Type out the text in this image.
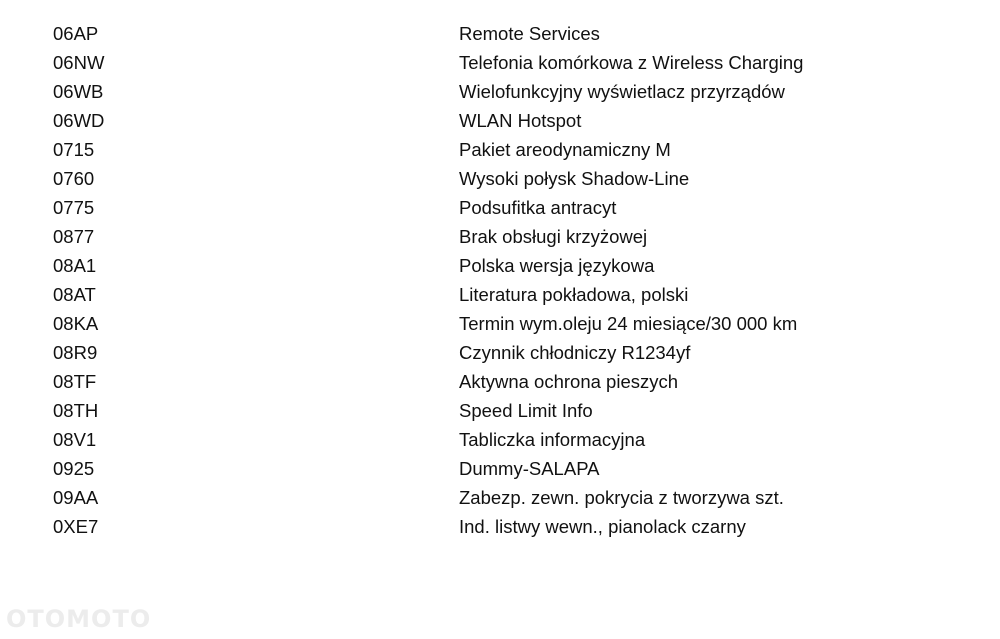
06AP	Remote Services
06NW	Telefonia komórkowa z Wireless Charging
06WB	Wielofunkcyjny wyświetlacz przyrządów
06WD	WLAN Hotspot
0715	Pakiet areodynamiczny M
0760	Wysoki połysk Shadow-Line
0775	Podsufitka antracyt
0877	Brak obsługi krzyżowej
08A1	Polska wersja językowa
08AT	Literatura pokładowa, polski
08KA	Termin wym.oleju 24 miesiące/30 000 km
08R9	Czynnik chłodniczy R1234yf
08TF	Aktywna ochrona pieszych
08TH	Speed Limit Info
08V1	Tabliczka informacyjna
0925	Dummy-SALAPA
09AA	Zabezp. zewn. pokrycia z tworzywa szt.
0XE7	Ind. listwy wewn., pianolack czarny
OTOMOTO
